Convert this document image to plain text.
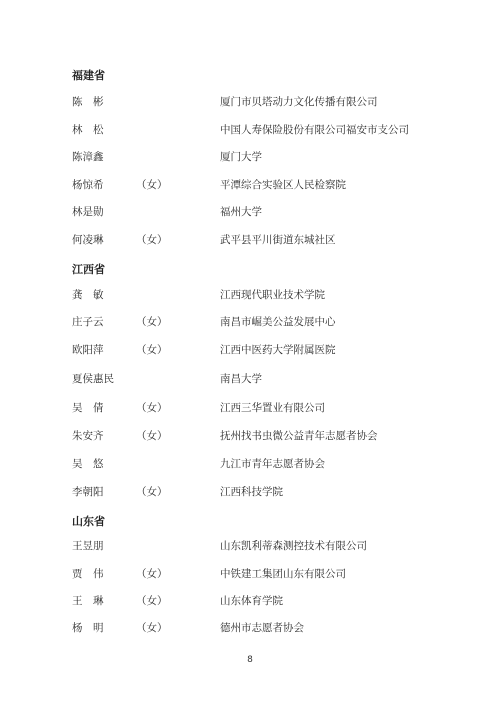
福建省
陈　彬	厦门市贝塔动力文化传播有限公司
林　松	中国人寿保险股份有限公司福安市支公司
陈漳鑫	厦门大学
杨惊希	（女）	平潭综合实验区人民检察院
林是勋	福州大学
何凌琳	（女）	武平县平川街道东城社区
江西省
龚　敏	江西现代职业技术学院
庄子云	（女）	南昌市崛美公益发展中心
欧阳萍	（女）	江西中医药大学附属医院
夏侯惠民	南昌大学
吴　倩	（女）	江西三华置业有限公司
朱安齐	（女）	抚州找书虫微公益青年志愿者协会
吴　悠	九江市青年志愿者协会
李朝阳	（女）	江西科技学院
山东省
王昱朋	山东凯利蒂森测控技术有限公司
贾　伟	（女）	中铁建工集团山东有限公司
王　琳	（女）	山东体育学院
杨　明	（女）	德州市志愿者协会
8
